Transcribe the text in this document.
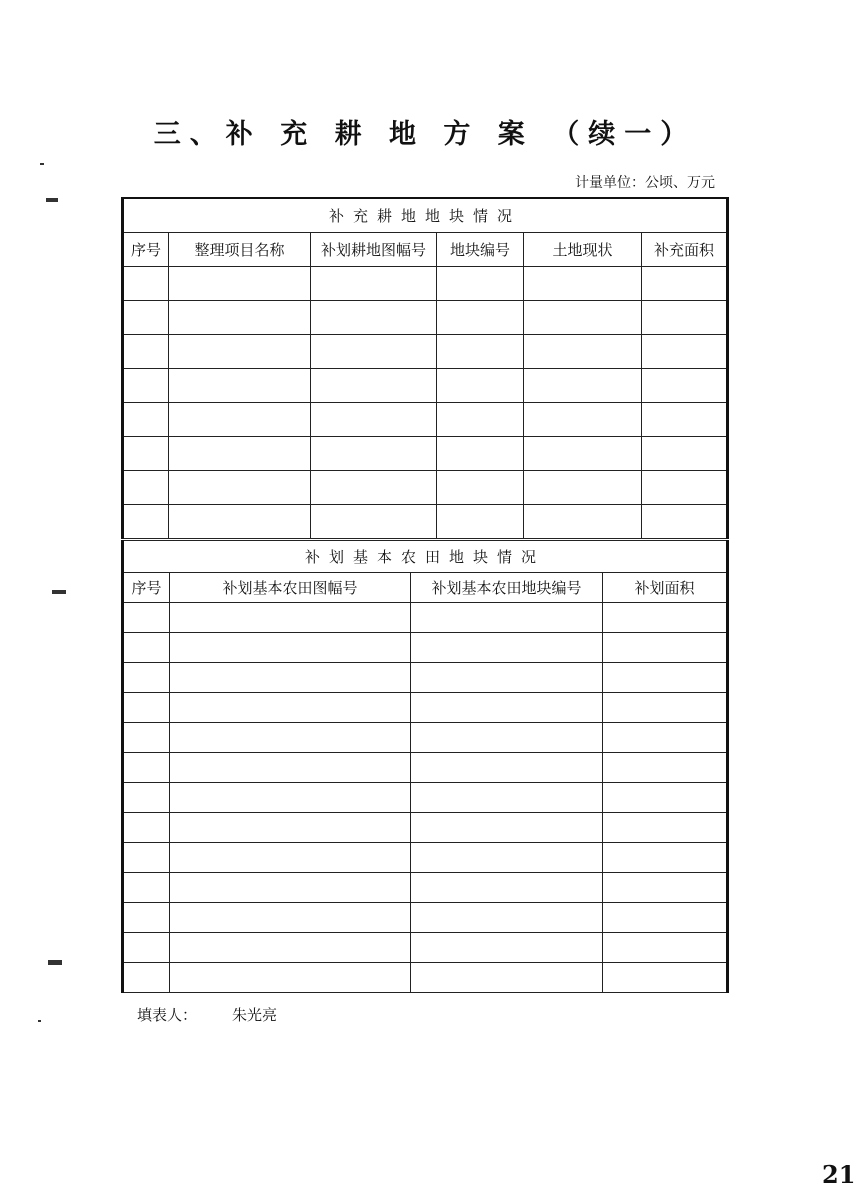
三、补 充 耕 地 方 案 （续一）
计量单位：公顷、万元
补充耕地地块情况					
序号	整理项目名称	补划耕地图幅号	地块编号	土地现状	补充面积

补划基本农田地块情况			
序号	补划基本农田图幅号	补划基本农田地块编号	补划面积

填表人： 朱光亮
21
